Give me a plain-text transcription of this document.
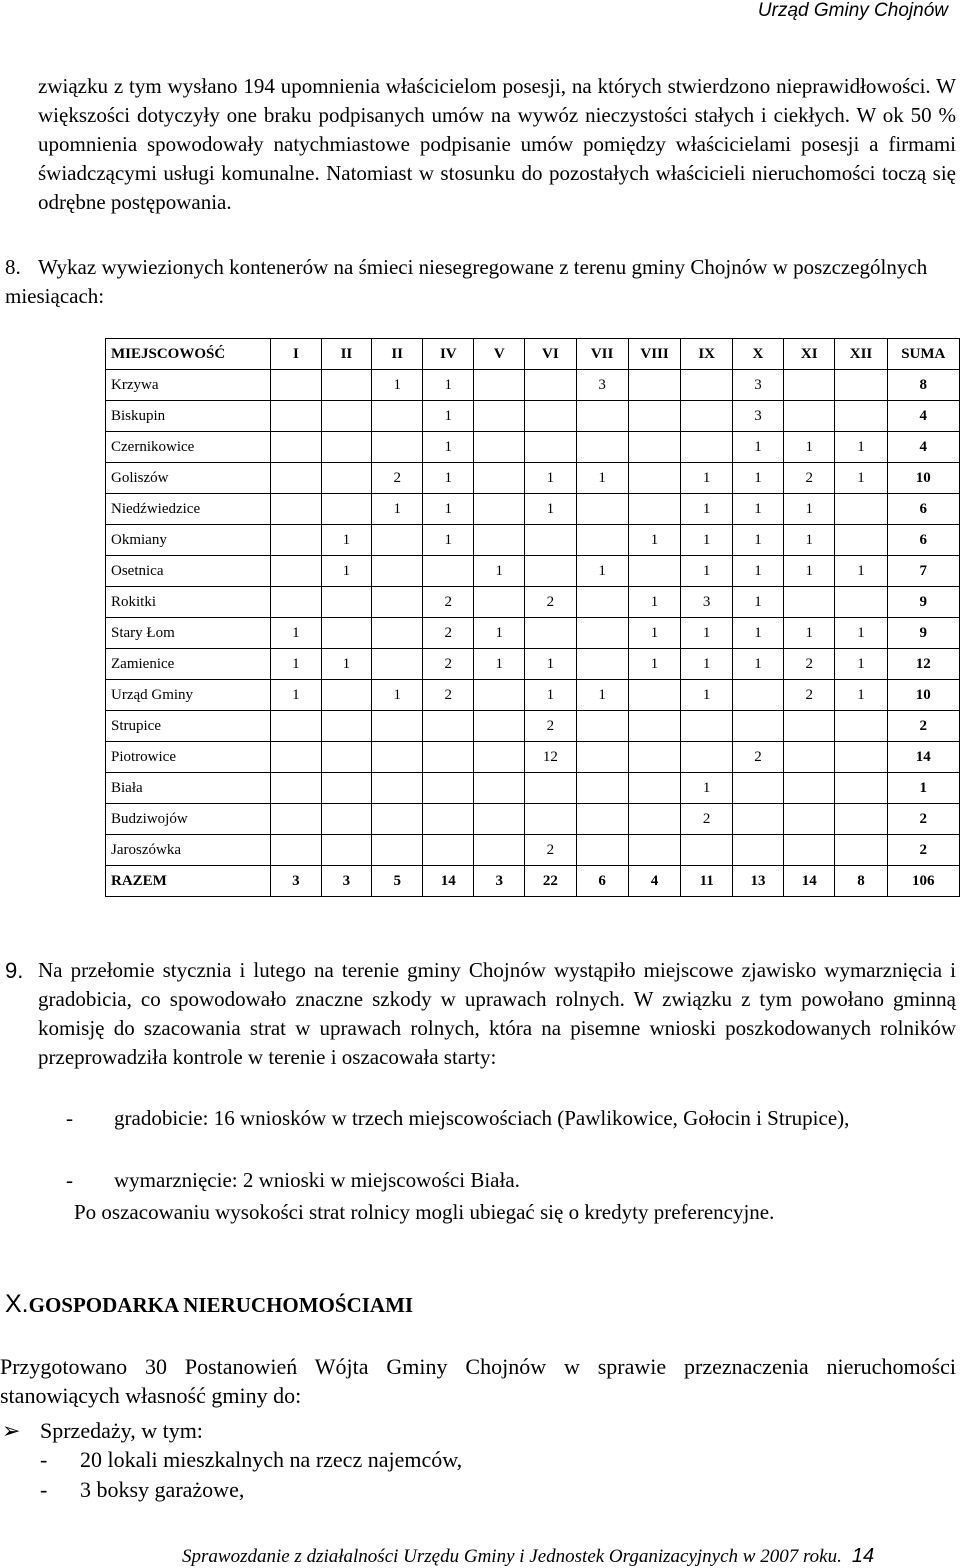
Urząd Gminy Chojnów
związku z tym wysłano 194 upomnienia właścicielom posesji, na których stwierdzono nieprawidłowości. W większości dotyczyły one braku podpisanych umów na wywóz nieczystości stałych i ciekłych. W ok 50 % upomnienia spowodowały natychmiastowe podpisanie umów pomiędzy właścicielami posesji a firmami świadczącymi usługi komunalne. Natomiast w stosunku do pozostałych właścicieli nieruchomości toczą się odrębne postępowania.
8. Wykaz wywiezionych kontenerów na śmieci niesegregowane z terenu gminy Chojnów w poszczególnych miesiącach:
MIEJSCOWOŚĆ	I	II	II	IV	V	VI	VII	VIII	IX	X	XI	XII	SUMA
Krzywa			1	1			3			3			8
Biskupin				1						3			4
Czernikowice				1						1	1	1	4
Goliszów			2	1		1	1		1	1	2	1	10
Niedźwiedzice			1	1		1			1	1	1		6
Okmiany		1		1				1	1	1	1		6
Osetnica		1			1		1		1	1	1	1	7
Rokitki				2		2		1	3	1			9
Stary Łom	1			2	1			1	1	1	1	1	9
Zamienice	1	1		2	1	1		1	1	1	2	1	12
Urząd Gminy	1		1	2		1	1		1		2	1	10
Strupice						2							2
Piotrowice						12				2			14
Biała									1				1
Budziwojów									2				2
Jaroszówka						2							2
RAZEM	3	3	5	14	3	22	6	4	11	13	14	8	106
9. Na przełomie stycznia i lutego na terenie gminy Chojnów wystąpiło miejscowe zjawisko wymarznięcia i gradobicia, co spowodowało znaczne szkody w uprawach rolnych. W związku z tym powołano gminną komisję do szacowania strat w uprawach rolnych, która na pisemne wnioski poszkodowanych rolników przeprowadziła kontrole w terenie i oszacowała starty:
- gradobicie: 16 wniosków w trzech miejscowościach (Pawlikowice, Gołocin i Strupice),
- wymarznięcie: 2 wnioski w miejscowości Biała.
Po oszacowaniu wysokości strat rolnicy mogli ubiegać się o kredyty preferencyjne.
X.GOSPODARKA NIERUCHOMOŚCIAMI
Przygotowano 30 Postanowień Wójta Gminy Chojnów w sprawie przeznaczenia nieruchomości stanowiących własność gminy do:
➢ Sprzedaży, w tym:
- 20 lokali mieszkalnych na rzecz najemców,
- 3 boksy garażowe,
Sprawozdanie z działalności Urzędu Gminy i Jednostek Organizacyjnych w 2007 roku. 14
